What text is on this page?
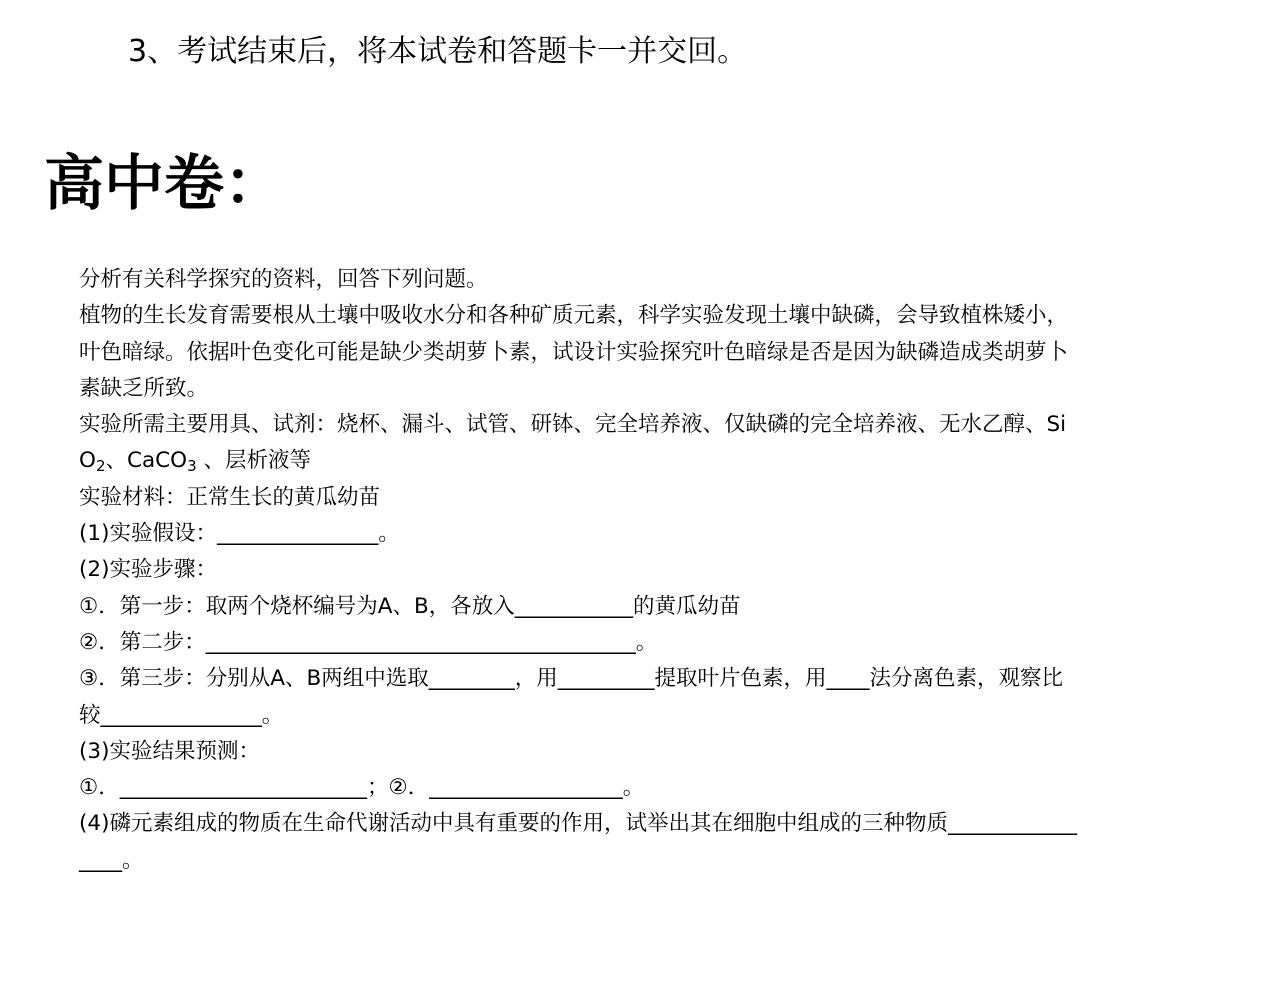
3、考试结束后，将本试卷和答题卡一并交回。
高中卷：
分析有关科学探究的资料，回答下列问题。
植物的生长发育需要根从土壤中吸收水分和各种矿质元素，科学实验发现土壤中缺磷，会导致植株矮小，
叶色暗绿。依据叶色变化可能是缺少类胡萝卜素，试设计实验探究叶色暗绿是否是因为缺磷造成类胡萝卜
素缺乏所致。
实验所需主要用具、试剂：烧杯、漏斗、试管、研钵、完全培养液、仅缺磷的完全培养液、无水乙醇、Si
$O_2$、CaCO$_3$ 、层析液等
实验材料：正常生长的黄瓜幼苗
(1)实验假设：_______________。
(2)实验步骤：
①．第一步：取两个烧杯编号为A、B，各放入___________的黄瓜幼苗
②．第二步：________________________________________。
③．第三步：分别从A、B两组中选取________，用_________提取叶片色素，用____法分离色素，观察比
较_______________。
(3)实验结果预测：
①．_______________________；②．__________________。
(4)磷元素组成的物质在生命代谢活动中具有重要的作用，试举出其在细胞中组成的三种物质____________
____。
